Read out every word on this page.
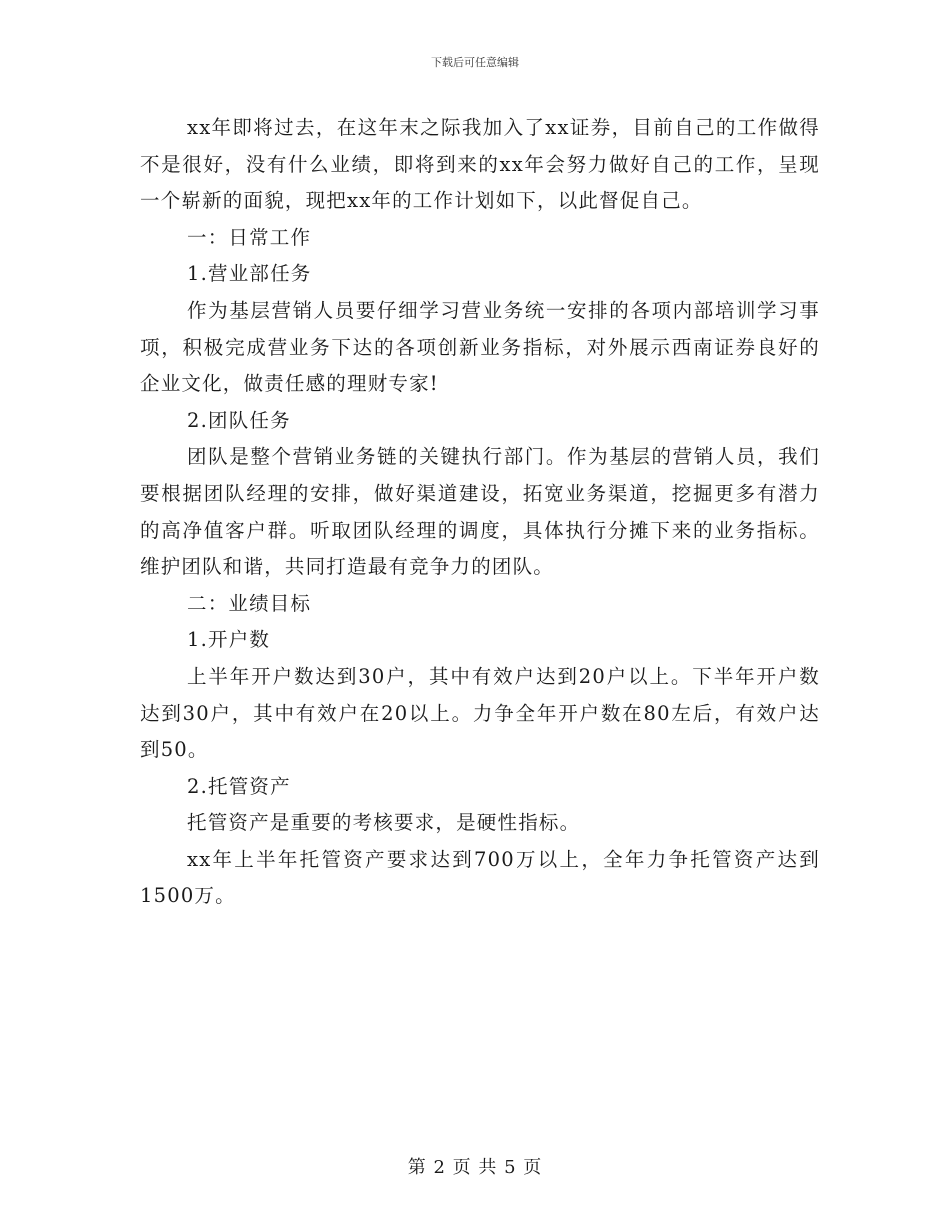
下载后可任意编辑

xx年即将过去，在这年末之际我加入了xx证券，目前自己的工作做得不是很好，没有什么业绩，即将到来的xx年会努力做好自己的工作，呈现一个崭新的面貌，现把xx年的工作计划如下，以此督促自己。

一：日常工作

1.营业部任务

作为基层营销人员要仔细学习营业务统一安排的各项内部培训学习事项，积极完成营业务下达的各项创新业务指标，对外展示西南证券良好的企业文化，做责任感的理财专家!

2.团队任务

团队是整个营销业务链的关键执行部门。作为基层的营销人员，我们要根据团队经理的安排，做好渠道建设，拓宽业务渠道，挖掘更多有潜力的高净值客户群。听取团队经理的调度，具体执行分摊下来的业务指标。维护团队和谐，共同打造最有竞争力的团队。

二：业绩目标

1.开户数

上半年开户数达到30户，其中有效户达到20户以上。下半年开户数达到30户，其中有效户在20以上。力争全年开户数在80左后，有效户达到50。

2.托管资产

托管资产是重要的考核要求，是硬性指标。

xx年上半年托管资产要求达到700万以上，全年力争托管资产达到1500万。

第 2 页 共 5 页
